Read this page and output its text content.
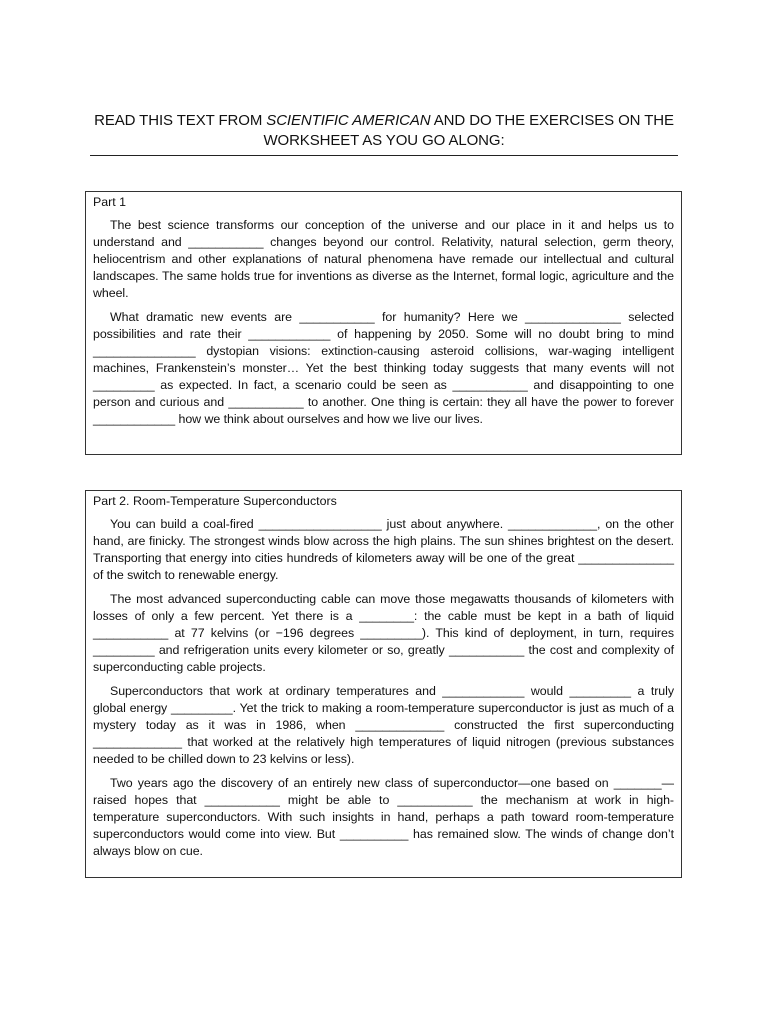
READ THIS TEXT FROM SCIENTIFIC AMERICAN AND DO THE EXERCISES ON THE WORKSHEET AS YOU GO ALONG:
Part 1

The best science transforms our conception of the universe and our place in it and helps us to understand and ___________ changes beyond our control. Relativity, natural selection, germ theory, heliocentrism and other explanations of natural phenomena have remade our intellectual and cultural landscapes. The same holds true for inventions as diverse as the Internet, formal logic, agriculture and the wheel.

What dramatic new events are ___________ for humanity? Here we ______________ selected possibilities and rate their ____________ of happening by 2050. Some will no doubt bring to mind _______________ dystopian visions: extinction-causing asteroid collisions, war-waging intelligent machines, Frankenstein’s monster… Yet the best thinking today suggests that many events will not _________ as expected. In fact, a scenario could be seen as ___________ and disappointing to one person and curious and ___________ to another. One thing is certain: they all have the power to forever ____________ how we think about ourselves and how we live our lives.

Part 2. Room-Temperature Superconductors

You can build a coal-fired __________________ just about anywhere. _____________, on the other hand, are finicky. The strongest winds blow across the high plains. The sun shines brightest on the desert. Transporting that energy into cities hundreds of kilometers away will be one of the great ______________ of the switch to renewable energy.

The most advanced superconducting cable can move those megawatts thousands of kilometers with losses of only a few percent. Yet there is a ________: the cable must be kept in a bath of liquid ___________ at 77 kelvins (or −196 degrees _________). This kind of deployment, in turn, requires _________ and refrigeration units every kilometer or so, greatly ___________ the cost and complexity of superconducting cable projects.

Superconductors that work at ordinary temperatures and ____________ would _________ a truly global energy _________. Yet the trick to making a room-temperature superconductor is just as much of a mystery today as it was in 1986, when _____________ constructed the first superconducting _____________ that worked at the relatively high temperatures of liquid nitrogen (previous substances needed to be chilled down to 23 kelvins or less).

Two years ago the discovery of an entirely new class of superconductor—one based on _______—raised hopes that ___________ might be able to ___________ the mechanism at work in high-temperature superconductors. With such insights in hand, perhaps a path toward room-temperature superconductors would come into view. But __________ has remained slow. The winds of change don’t always blow on cue.
